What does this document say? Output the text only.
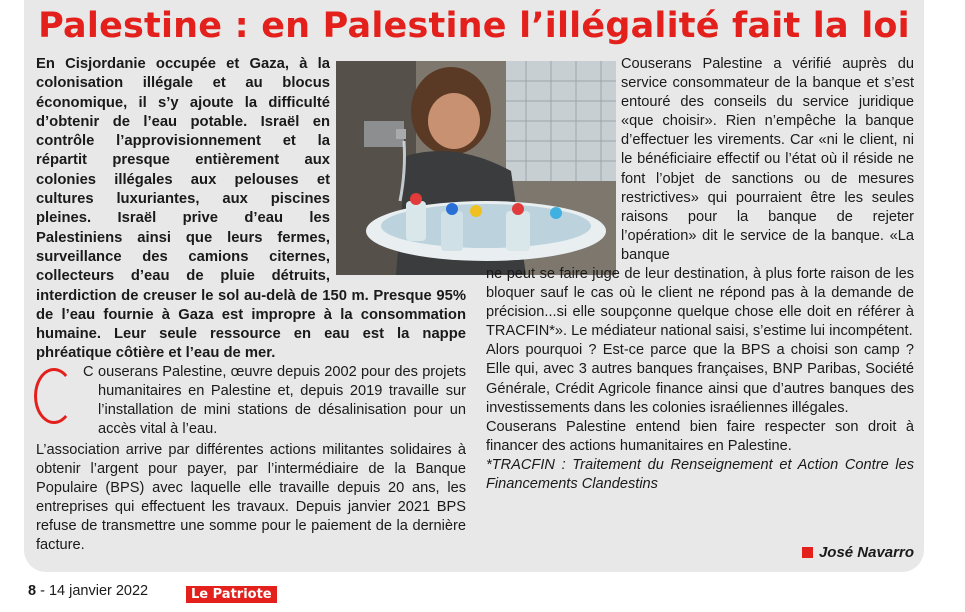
Palestine : en Palestine l’illégalité fait la loi

En Cisjordanie occupée et Gaza, à la colonisation illégale et au blocus économique, il s’y ajoute la difficulté d’obtenir de l’eau potable. Israël en contrôle l’approvisionnement et la répartit presque entièrement aux colonies illégales aux pelouses et cultures luxuriantes, aux piscines pleines. Israël prive d’eau les Palestiniens ainsi que leurs fermes, surveillance des camions citernes, collecteurs d’eau de pluie détruits, interdiction de creuser le sol au-delà de 150 m. Presque 95% de l’eau fournie à Gaza est impropre à la consommation humaine. Leur seule ressource en eau est la nappe phréatique côtière et l’eau de mer.

C ouserans Palestine, œuvre depuis 2002 pour des projets humanitaires en Palestine et, depuis 2019 travaille sur l’installation de mini stations de désalinisation pour un accès vital à l’eau.

L’association arrive par différentes actions militantes solidaires à obtenir l’argent pour payer, par l’intermédiaire de la Banque Populaire (BPS) avec laquelle elle travaille depuis 20 ans, les entreprises qui effectuent les travaux. Depuis janvier 2021 BPS refuse de transmettre une somme pour le paiement de la dernière facture.

Couserans Palestine a vérifié auprès du service consommateur de la banque et s’est entouré des conseils du service juridique «que choisir». Rien n’empêche la banque d’effectuer les virements. Car «ni le client, ni le bénéficiaire effectif ou l’état où il réside ne font l’objet de sanctions ou de mesures restrictives» qui pourraient être les seules raisons pour la banque de rejeter l’opération» dit le service de la banque. «La banque

ne peut se faire juge de leur destination, à plus forte raison de les bloquer sauf le cas où le client ne répond pas à la demande de précision...si elle soupçonne quelque chose elle doit en référer à TRACFIN*». Le médiateur national saisi, s’estime lui incompétent.

Alors pourquoi ? Est-ce parce que la BPS a choisi son camp ? Elle qui, avec 3 autres banques françaises, BNP Paribas, Société Générale, Crédit Agricole finance ainsi que d’autres banques des investissements dans les colonies israéliennes illégales.

Couserans Palestine entend bien faire respecter son droit à financer des actions humanitaires en Palestine.

*TRACFIN : Traitement du Renseignement et Action Contre les Financements Clandestins

José Navarro
8 - 14 janvier 2022	Le Patriote
